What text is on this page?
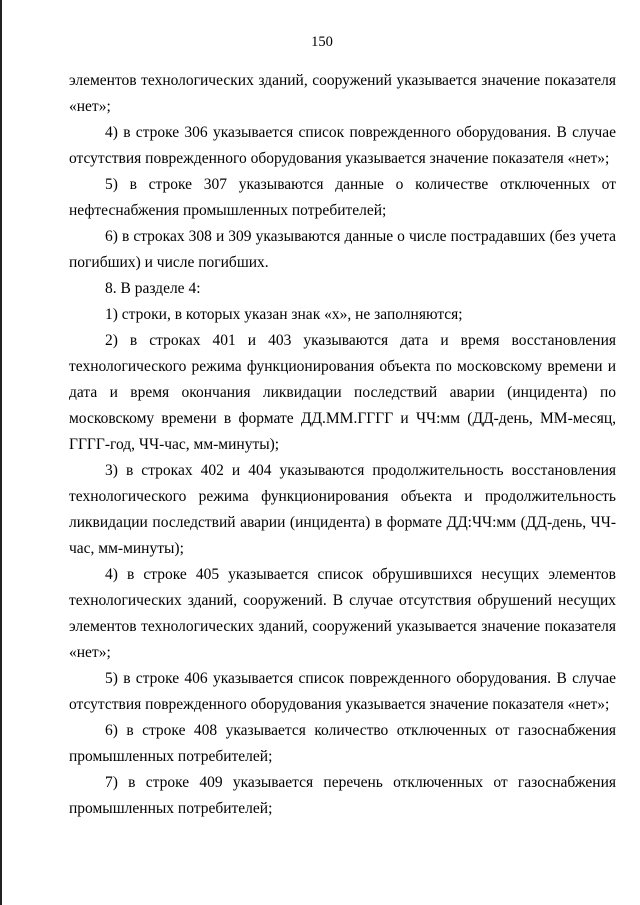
150

элементов технологических зданий, сооружений указывается значение показателя «нет»;

4) в строке 306 указывается список поврежденного оборудования. В случае отсутствия поврежденного оборудования указывается значение показателя «нет»;

5) в строке 307 указываются данные о количестве отключенных от нефтеснабжения промышленных потребителей;

6) в строках 308 и 309 указываются данные о числе пострадавших (без учета погибших) и числе погибших.

8. В разделе 4:

1) строки, в которых указан знак «х», не заполняются;

2) в строках 401 и 403 указываются дата и время восстановления технологического режима функционирования объекта по московскому времени и дата и время окончания ликвидации последствий аварии (инцидента) по московскому времени в формате ДД.ММ.ГГГГ и ЧЧ:мм (ДД-день, ММ-месяц, ГГГГ-год, ЧЧ-час, мм-минуты);

3) в строках 402 и 404 указываются продолжительность восстановления технологического режима функционирования объекта и продолжительность ликвидации последствий аварии (инцидента) в формате ДД:ЧЧ:мм (ДД-день, ЧЧ-час, мм-минуты);

4) в строке 405 указывается список обрушившихся несущих элементов технологических зданий, сооружений. В случае отсутствия обрушений несущих элементов технологических зданий, сооружений указывается значение показателя «нет»;

5) в строке 406 указывается список поврежденного оборудования. В случае отсутствия поврежденного оборудования указывается значение показателя «нет»;

6) в строке 408 указывается количество отключенных от газоснабжения промышленных потребителей;

7) в строке 409 указывается перечень отключенных от газоснабжения промышленных потребителей;
